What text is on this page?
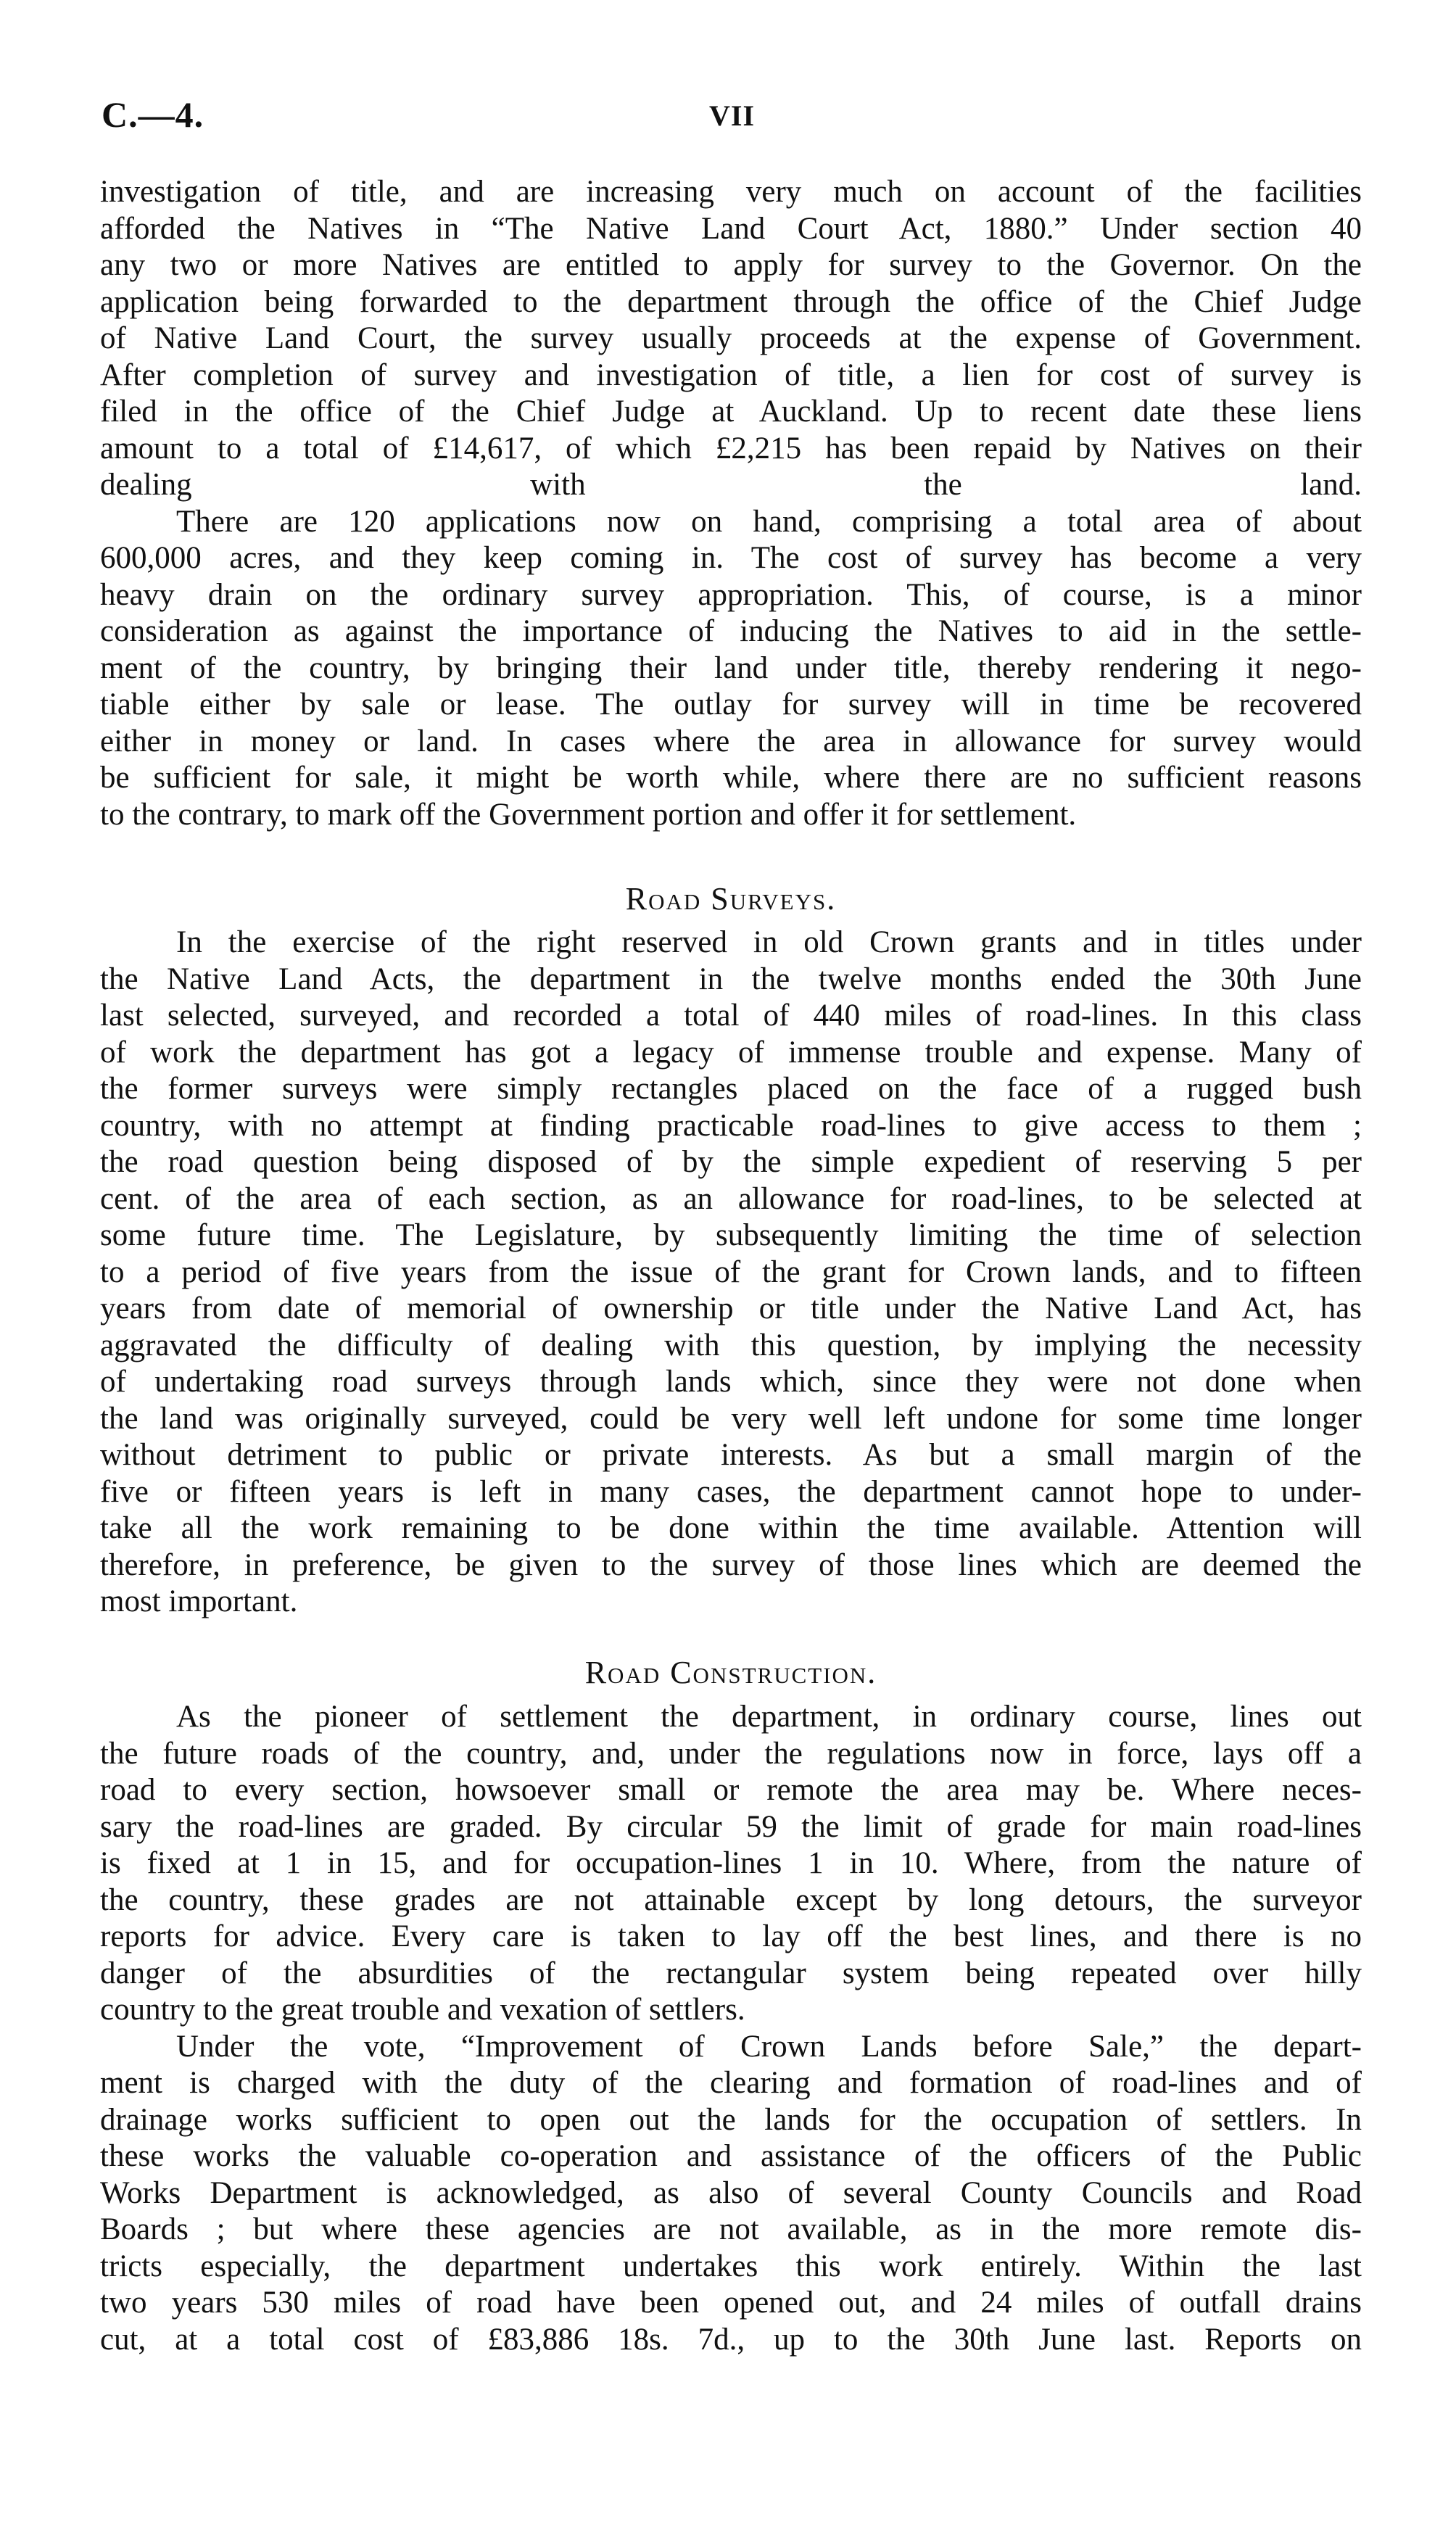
C.—4.	VII
investigation of title, and are increasing very much on account of the facilities
afforded the Natives in “The Native Land Court Act, 1880.” Under section 40
any two or more Natives are entitled to apply for survey to the Governor. On the
application being forwarded to the department through the office of the Chief Judge
of Native Land Court, the survey usually proceeds at the expense of Government.
After completion of survey and investigation of title, a lien for cost of survey is
filed in the office of the Chief Judge at Auckland. Up to recent date these liens
amount to a total of £14,617, of which £2,215 has been repaid by Natives on their
dealing with the land.
There are 120 applications now on hand, comprising a total area of about
600,000 acres, and they keep coming in. The cost of survey has become a very
heavy drain on the ordinary survey appropriation. This, of course, is a minor
consideration as against the importance of inducing the Natives to aid in the settle-
ment of the country, by bringing their land under title, thereby rendering it nego-
tiable either by sale or lease. The outlay for survey will in time be recovered
either in money or land. In cases where the area in allowance for survey would
be sufficient for sale, it might be worth while, where there are no sufficient reasons
to the contrary, to mark off the Government portion and offer it for settlement.
Road Surveys.
In the exercise of the right reserved in old Crown grants and in titles under
the Native Land Acts, the department in the twelve months ended the 30th June
last selected, surveyed, and recorded a total of 440 miles of road-lines. In this class
of work the department has got a legacy of immense trouble and expense. Many of
the former surveys were simply rectangles placed on the face of a rugged bush
country, with no attempt at finding practicable road-lines to give access to them ;
the road question being disposed of by the simple expedient of reserving 5 per
cent. of the area of each section, as an allowance for road-lines, to be selected at
some future time. The Legislature, by subsequently limiting the time of selection
to a period of five years from the issue of the grant for Crown lands, and to fifteen
years from date of memorial of ownership or title under the Native Land Act, has
aggravated the difficulty of dealing with this question, by implying the necessity
of undertaking road surveys through lands which, since they were not done when
the land was originally surveyed, could be very well left undone for some time longer
without detriment to public or private interests. As but a small margin of the
five or fifteen years is left in many cases, the department cannot hope to under-
take all the work remaining to be done within the time available. Attention will
therefore, in preference, be given to the survey of those lines which are deemed the
most important.
Road Construction.
As the pioneer of settlement the department, in ordinary course, lines out
the future roads of the country, and, under the regulations now in force, lays off a
road to every section, howsoever small or remote the area may be. Where neces-
sary the road-lines are graded. By circular 59 the limit of grade for main road-lines
is fixed at 1 in 15, and for occupation-lines 1 in 10. Where, from the nature of
the country, these grades are not attainable except by long detours, the surveyor
reports for advice. Every care is taken to lay off the best lines, and there is no
danger of the absurdities of the rectangular system being repeated over hilly
country to the great trouble and vexation of settlers.
Under the vote, “Improvement of Crown Lands before Sale,” the depart-
ment is charged with the duty of the clearing and formation of road-lines and of
drainage works sufficient to open out the lands for the occupation of settlers. In
these works the valuable co-operation and assistance of the officers of the Public
Works Department is acknowledged, as also of several County Councils and Road
Boards ; but where these agencies are not available, as in the more remote dis-
tricts especially, the department undertakes this work entirely. Within the last
two years 530 miles of road have been opened out, and 24 miles of outfall drains
cut, at a total cost of £83,886 18s. 7d., up to the 30th June last. Reports on
